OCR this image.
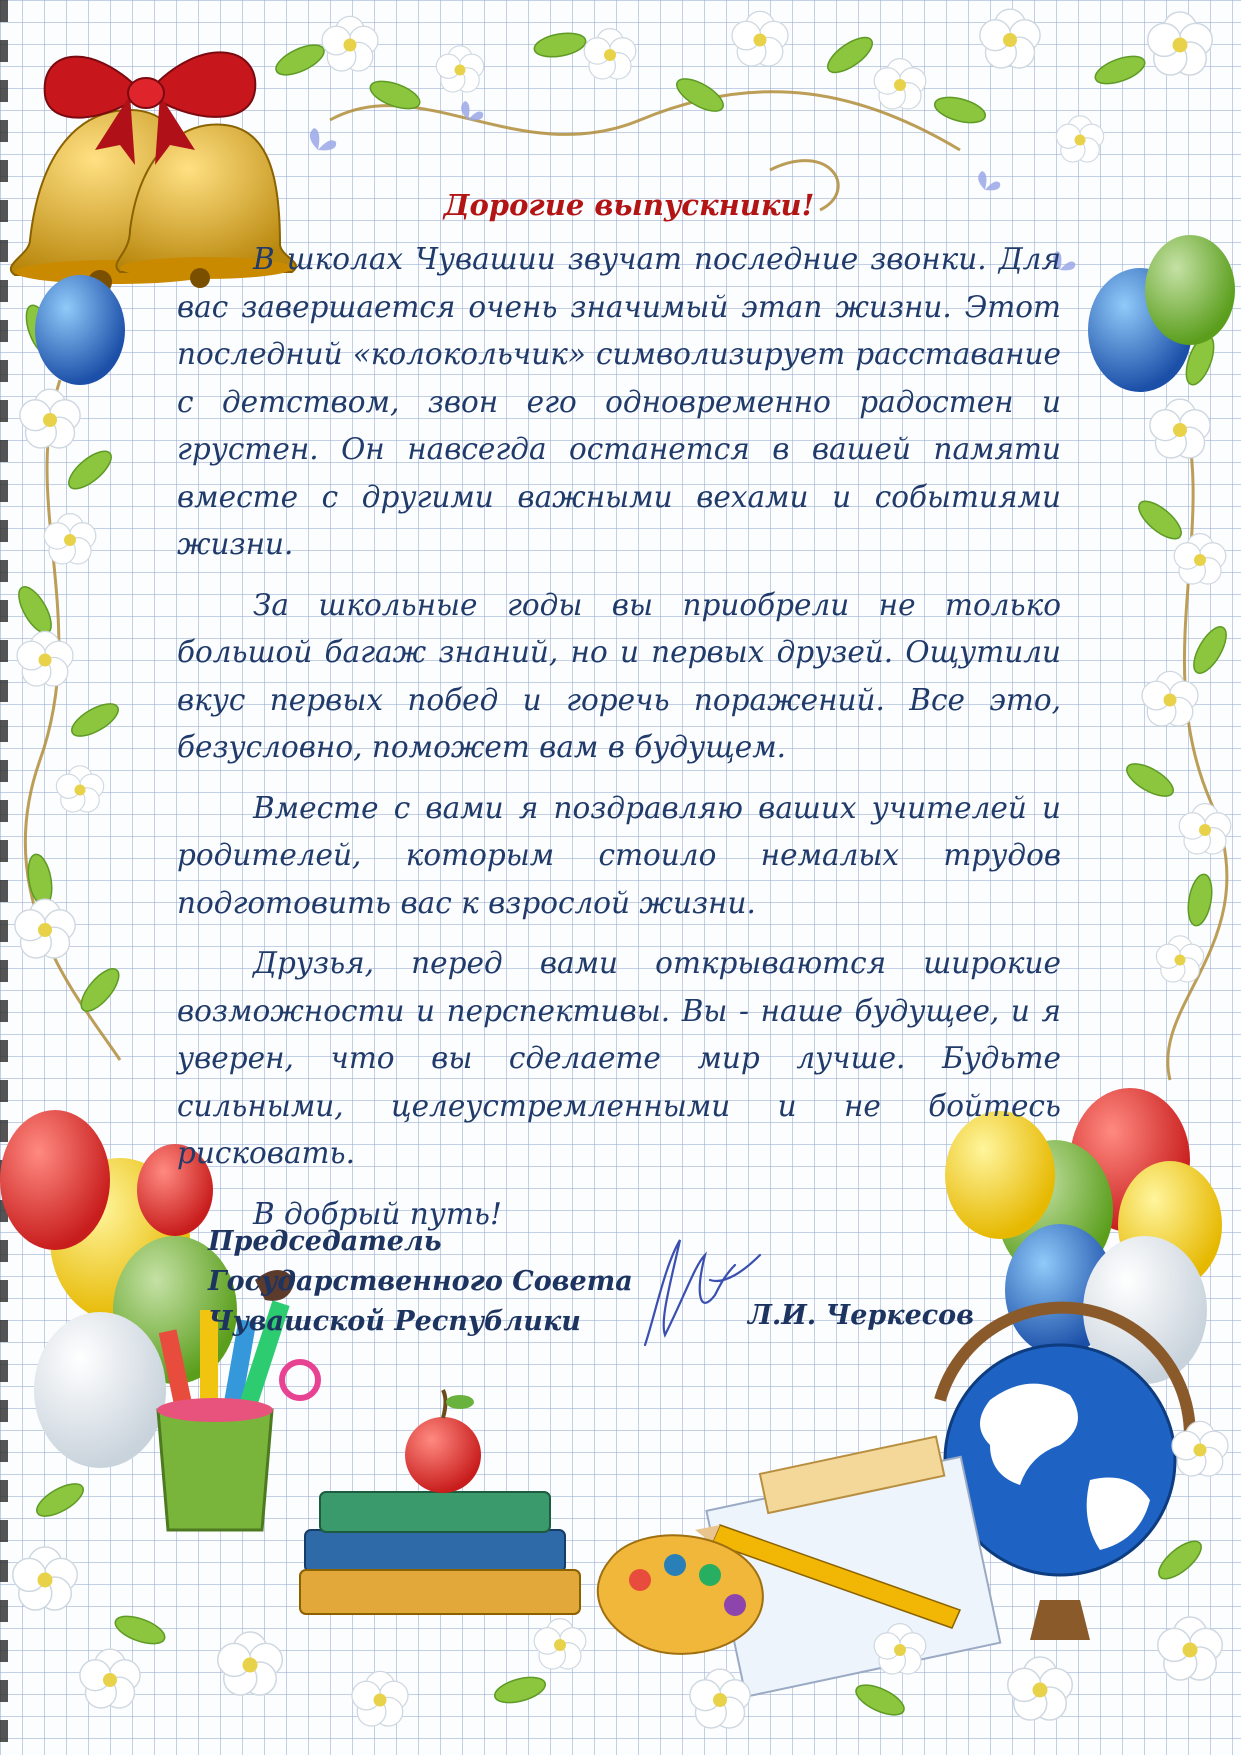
Дорогие выпускники!

В школах Чувашии звучат последние звонки. Для вас завершается очень значимый этап жизни. Этот последний «колокольчик» символизирует расставание с детством, звон его одновременно радостен и грустен. Он навсегда останется в вашей памяти вместе с другими важными вехами и событиями жизни.

За школьные годы вы приобрели не только большой багаж знаний, но и первых друзей. Ощутили вкус первых побед и горечь поражений. Все это, безусловно, поможет вам в будущем.

Вместе с вами я поздравляю ваших учителей и родителей, которым стоило немалых трудов подготовить вас к взрослой жизни.

Друзья, перед вами открываются широкие возможности и перспективы. Вы - наше будущее, и я уверен, что вы сделаете мир лучше. Будьте сильными, целеустремленными и не бойтесь рисковать.

В добрый путь!

Председатель
Государственного Совета
Чувашской Республики	Л.И. Черкесов
